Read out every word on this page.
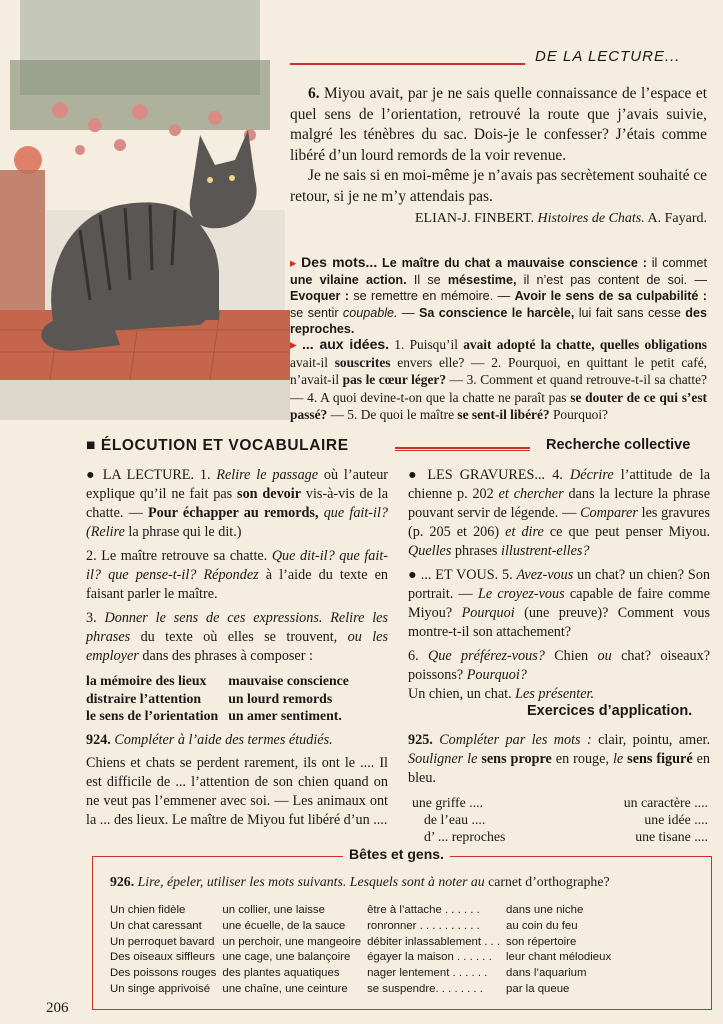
DE LA LECTURE...
6. Miyou avait, par je ne sais quelle connaissance de l’espace et quel sens de l’orientation, retrouvé la route que j’avais suivie, malgré les ténèbres du sac. Dois-je le confesser? J’étais comme libéré d’un lourd remords de la voir revenue.
Je ne sais si en moi-même je n’avais pas secrètement souhaité ce retour, si je ne m’y attendais pas.
ELIAN-J. FINBERT. Histoires de Chats. A. Fayard.
▸ Des mots... Le maître du chat a mauvaise conscience : il commet une vilaine action. Il se mésestime, il n’est pas content de soi. — Evoquer : se remettre en mémoire. — Avoir le sens de sa culpabilité : se sentir coupable. — Sa conscience le harcèle, lui fait sans cesse des reproches.
▸ ... aux idées. 1. Puisqu’il avait adopté la chatte, quelles obligations avait-il souscrites envers elle? — 2. Pourquoi, en quittant le petit café, n’avait-il pas le cœur léger? — 3. Comment et quand retrouve-t-il sa chatte? — 4. A quoi devine-t-on que la chatte ne paraît pas se douter de ce qui s’est passé? — 5. De quoi le maître se sent-il libéré? Pourquoi?
■ ÉLOCUTION ET VOCABULAIRE	Recherche collective
● LA LECTURE. 1. Relire le passage où l’auteur explique qu’il ne fait pas son devoir vis-à-vis de la chatte. — Pour échapper au remords, que fait-il? (Relire la phrase qui le dit.)
2. Le maître retrouve sa chatte. Que dit-il? que fait-il? que pense-t-il? Répondez à l’aide du texte en faisant parler le maître.
3. Donner le sens de ces expressions. Relire les phrases du texte où elles se trouvent, ou les employer dans des phrases à composer :
la mémoire des lieux	mauvaise conscience
distraire l’attention	un lourd remords
le sens de l’orientation	un amer sentiment.
● LES GRAVURES... 4. Décrire l’attitude de la chienne p. 202 et chercher dans la lecture la phrase pouvant servir de légende. — Comparer les gravures (p. 205 et 206) et dire ce que peut penser Miyou. Quelles phrases illustrent-elles?
● ... ET VOUS. 5. Avez-vous un chat? un chien? Son portrait. — Le croyez-vous capable de faire comme Miyou? Pourquoi (une preuve)? Comment vous montre-t-il son attachement?
6. Que préférez-vous? Chien ou chat? oiseaux? poissons? Pourquoi?
Un chien, un chat. Les présenter.
Exercices d’application.
924. Compléter à l’aide des termes étudiés.
Chiens et chats se perdent rarement, ils ont le .... Il est difficile de ... l’attention de son chien quand on ne veut pas l’emmener avec soi. — Les animaux ont la ... des lieux. Le maître de Miyou fut libéré d’un ....
925. Compléter par les mots : clair, pointu, amer. Souligner le sens propre en rouge, le sens figuré en bleu.
une griffe ....	un caractère ....
de l’eau ....	une idée ....
d’ ... reproches	une tisane ....
Bêtes et gens.
926. Lire, épeler, utiliser les mots suivants. Lesquels sont à noter au carnet d’orthographe?
Un chien fidèle	un collier, une laisse	être à l’attache . . . . . .	dans une niche
Un chat caressant	une écuelle, de la sauce	ronronner . . . . . . . . . .	au coin du feu
Un perroquet bavard	un perchoir, une mangeoire	débiter inlassablement . . .	son répertoire
Des oiseaux siffleurs	une cage, une balançoire	égayer la maison . . . . . .	leur chant mélodieux
Des poissons rouges	des plantes aquatiques	nager lentement . . . . . .	dans l’aquarium
Un singe apprivoisé	une chaîne, une ceinture	se suspendre. . . . . . . .	par la queue
206
